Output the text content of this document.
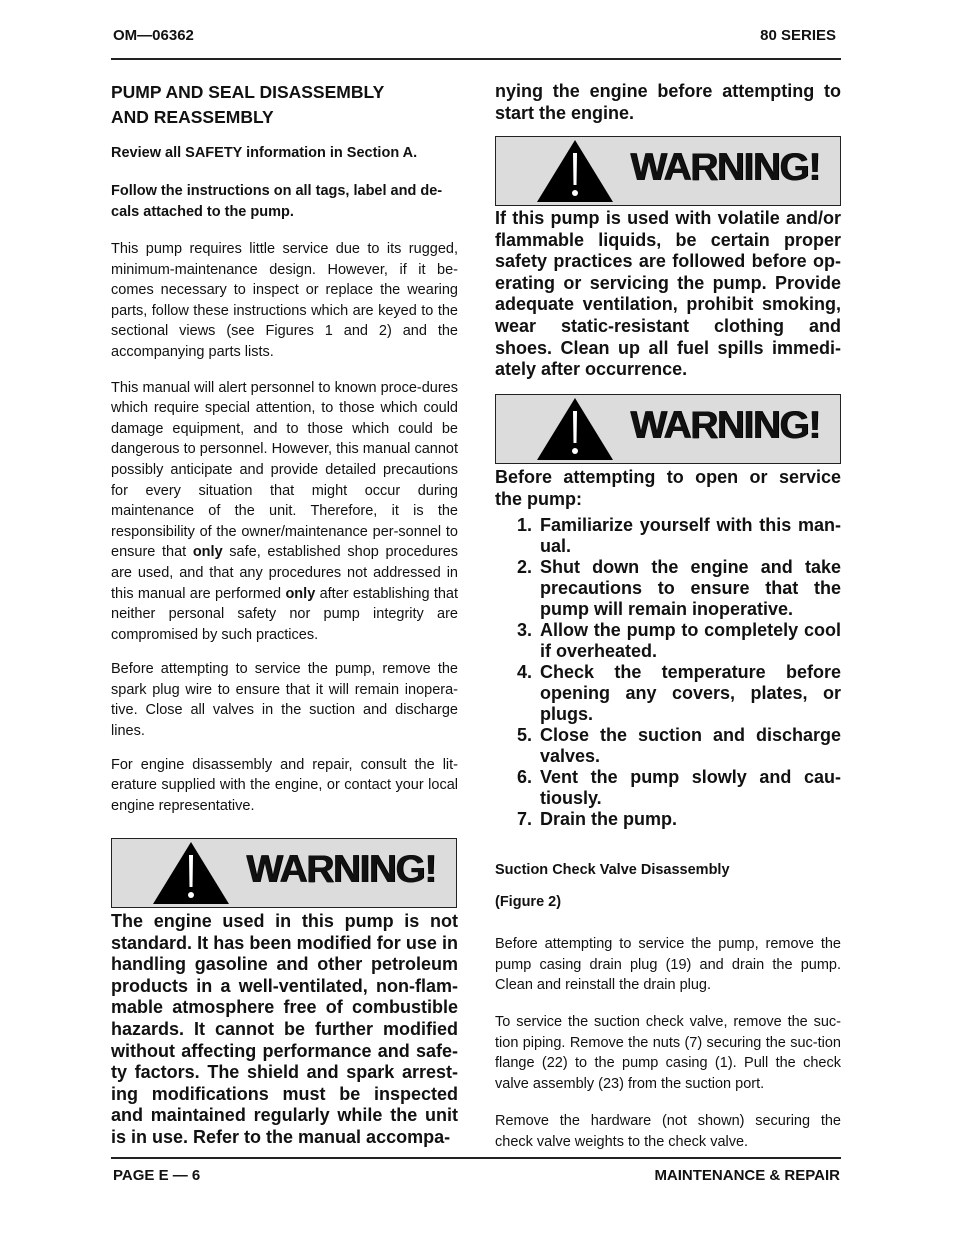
OM—06362	80 SERIES

PUMP AND SEAL DISASSEMBLY

AND REASSEMBLY

Review all SAFETY information in Section A.

Follow the instructions on all tags, label and de-cals attached to the pump.

This pump requires little service due to its rugged, minimum-maintenance design. However, if it be-comes necessary to inspect or replace the wearing parts, follow these instructions which are keyed to the sectional views (see Figures 1 and 2) and the accompanying parts lists.

This manual will alert personnel to known proce-dures which require special attention, to those which could damage equipment, and to those which could be dangerous to personnel. However, this manual cannot possibly anticipate and provide detailed precautions for every situation that might occur during maintenance of the unit. Therefore, it is the responsibility of the owner/maintenance per-sonnel to ensure that only safe, established shop procedures are used, and that any procedures not addressed in this manual are performed only after establishing that neither personal safety nor pump integrity are compromised by such practices.

Before attempting to service the pump, remove the spark plug wire to ensure that it will remain inopera-tive. Close all valves in the suction and discharge lines.

For engine disassembly and repair, consult the lit-erature supplied with the engine, or contact your local engine representative.

WARNING!

The engine used in this pump is not standard. It has been modified for use in handling gasoline and other petroleum products in a well-ventilated, non-flam-mable atmosphere free of combustible hazards. It cannot be further modified without affecting performance and safe-ty factors. The shield and spark arrest-ing modifications must be inspected and maintained regularly while the unit is in use. Refer to the manual accompa-

nying the engine before attempting to start the engine.

WARNING!

If this pump is used with volatile and/or flammable liquids, be certain proper safety practices are followed before op-erating or servicing the pump. Provide adequate ventilation, prohibit smoking, wear static-resistant clothing and shoes. Clean up all fuel spills immedi-ately after occurrence.

WARNING!

Before attempting to open or service the pump:

1. Familiarize yourself with this man-ual.
2. Shut down the engine and take precautions to ensure that the pump will remain inoperative.
3. Allow the pump to completely cool if overheated.
4. Check the temperature before opening any covers, plates, or plugs.
5. Close the suction and discharge valves.
6. Vent the pump slowly and cau-tiously.
7. Drain the pump.

Suction Check Valve Disassembly

(Figure 2)

Before attempting to service the pump, remove the pump casing drain plug (19) and drain the pump. Clean and reinstall the drain plug.

To service the suction check valve, remove the suc-tion piping. Remove the nuts (7) securing the suc-tion flange (22) to the pump casing (1). Pull the check valve assembly (23) from the suction port.

Remove the hardware (not shown) securing the check valve weights to the check valve.

PAGE E — 6	MAINTENANCE & REPAIR
